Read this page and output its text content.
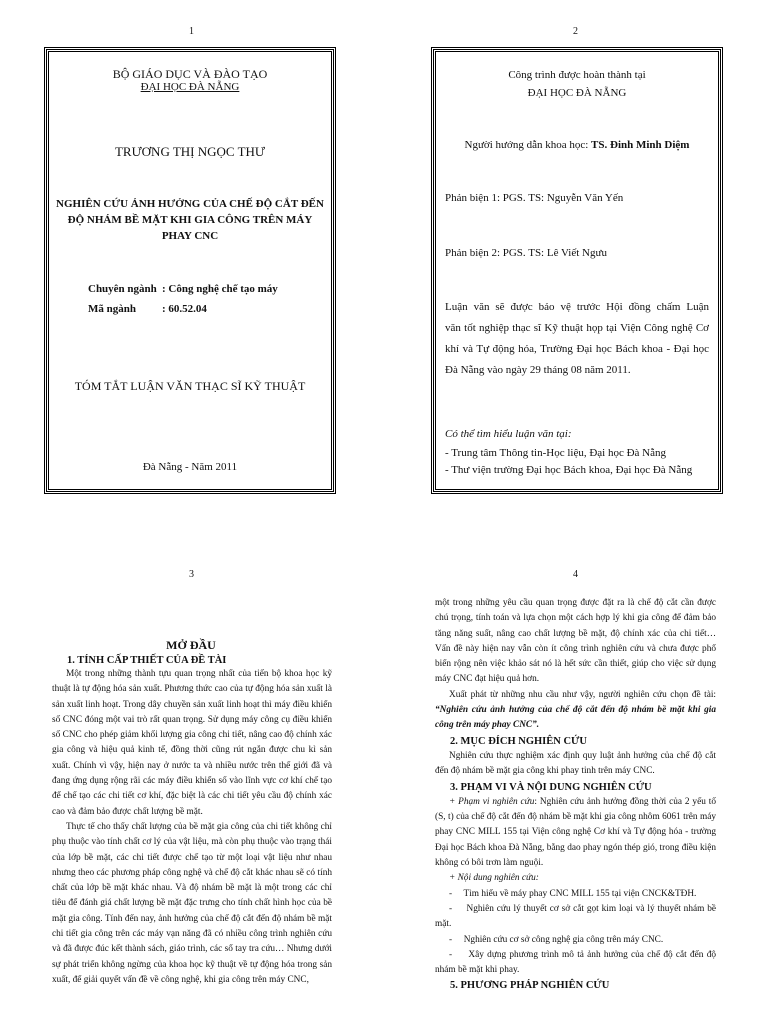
1	2
3	4
BỘ GIÁO DỤC VÀ ĐÀO TẠO
ĐẠI HỌC ĐÀ NẴNG
TRƯƠNG THỊ NGỌC THƯ
NGHIÊN CỨU ẢNH HƯỞNG CỦA CHẾ ĐỘ CẮT ĐẾN
ĐỘ NHÁM BỀ MẶT KHI GIA CÔNG TRÊN MÁY
PHAY CNC
Chuyên ngành : Công nghệ chế tạo máy
Mã ngành : 60.52.04
TÓM TẮT LUẬN VĂN THẠC SĨ KỸ THUẬT
Đà Nẵng - Năm 2011
Công trình được hoàn thành tại
ĐẠI HỌC ĐÀ NẴNG
Người hướng dẫn khoa học: TS. Đinh Minh Diệm
Phản biện 1: PGS. TS: Nguyễn Văn Yến
Phản biện 2: PGS. TS: Lê Viết Ngưu
Luận văn sẽ được bảo vệ trước Hội đồng chấm Luận
văn tốt nghiệp thạc sĩ Kỹ thuật họp tại Viện Công nghệ Cơ
khí và Tự động hóa, Trường Đại học Bách khoa - Đại học
Đà Nẵng vào ngày 29 tháng 08 năm 2011.
Có thể tìm hiểu luận văn tại:
- Trung tâm Thông tin-Học liệu, Đại học Đà Nẵng
- Thư viện trường Đại học Bách khoa, Đại học Đà Nẵng
MỞ ĐẦU

1. TÍNH CẤP THIẾT CỦA ĐỀ TÀI

Một trong những thành tựu quan trọng nhất của tiến bộ khoa học kỹ thuật là tự động hóa sản xuất. Phương thức cao của tự động hóa sản xuất là sản xuất linh hoạt. Trong dây chuyền sản xuất linh hoạt thì máy điều khiển số CNC đóng một vai trò rất quan trọng. Sử dụng máy công cụ điều khiển số CNC cho phép giảm khối lượng gia công chi tiết, nâng cao độ chính xác gia công và hiệu quả kinh tế, đồng thời cũng rút ngắn được chu kì sản xuất. Chính vì vậy, hiện nay ở nước ta và nhiều nước trên thế giới đã và đang ứng dụng rộng rãi các máy điều khiển số vào lĩnh vực cơ khí chế tạo để chế tạo các chi tiết cơ khí, đặc biệt là các chi tiết yêu cầu độ chính xác cao và đảm bảo được chất lượng bề mặt.

Thực tế cho thấy chất lượng của bề mặt gia công của chi tiết không chỉ phụ thuộc vào tính chất cơ lý của vật liệu, mà còn phụ thuộc vào trạng thái của lớp bề mặt, các chi tiết được chế tạo từ một loại vật liệu như nhau nhưng theo các phương pháp công nghệ và chế độ cắt khác nhau sẽ có tính chất của lớp bề mặt khác nhau. Và độ nhám bề mặt là một trong các chỉ tiêu để đánh giá chất lượng bề mặt đặc trưng cho tính chất hình học của bề mặt gia công. Tính đến nay, ảnh hưởng của chế độ cắt đến độ nhám bề mặt chi tiết gia công trên các máy vạn năng đã có nhiều công trình nghiên cứu và đã được đúc kết thành sách, giáo trình, các sổ tay tra cứu… Nhưng dưới sự phát triển không ngừng của khoa học kỹ thuật về tự động hóa trong sản xuất, để giải quyết vấn đề về công nghệ, khi gia công trên máy CNC,

một trong những yêu cầu quan trọng được đặt ra là chế độ cắt cần được chú trọng, tính toán và lựa chọn một cách hợp lý khi gia công để đảm bảo tăng năng suất, nâng cao chất lượng bề mặt, độ chính xác của chi tiết… Vấn đề này hiện nay vẫn còn ít công trình nghiên cứu và chưa được phổ biến rộng nên việc khảo sát nó là hết sức cần thiết, giúp cho việc sử dụng máy CNC đạt hiệu quả hơn.

Xuất phát từ những nhu cầu như vậy, người nghiên cứu chọn đề tài: “Nghiên cứu ảnh hưởng của chế độ cắt đến độ nhám bề mặt khi gia công trên máy phay CNC”.

2. MỤC ĐÍCH NGHIÊN CỨU

Nghiên cứu thực nghiệm xác định quy luật ảnh hưởng của chế độ cắt đến độ nhám bề mặt gia công khi phay tinh trên máy CNC.

3. PHẠM VI VÀ NỘI DUNG NGHIÊN CỨU

+ Phạm vi nghiên cứu: Nghiên cứu ảnh hưởng đồng thời của 2 yếu tố (S, t) của chế độ cắt đến độ nhám bề mặt khi gia công nhôm 6061 trên máy phay CNC MILL 155 tại Viện công nghệ Cơ khí và Tự động hóa - trường Đại học Bách khoa Đà Nẵng, bằng dao phay ngón thép gió, trong điều kiện không có bôi trơn làm nguội.

+ Nội dung nghiên cứu:

-     Tìm hiểu về máy phay CNC MILL 155 tại viện CNCK&TĐH.

-     Nghiên cứu lý thuyết cơ sở cắt gọt kim loại và lý thuyết nhám bề mặt.

-     Nghiên cứu cơ sở công nghệ gia công trên máy CNC.

-     Xây dựng phương trình mô tả ảnh hưởng của chế độ cắt đến độ nhám bề mặt khi phay.

5. PHƯƠNG PHÁP NGHIÊN CỨU
